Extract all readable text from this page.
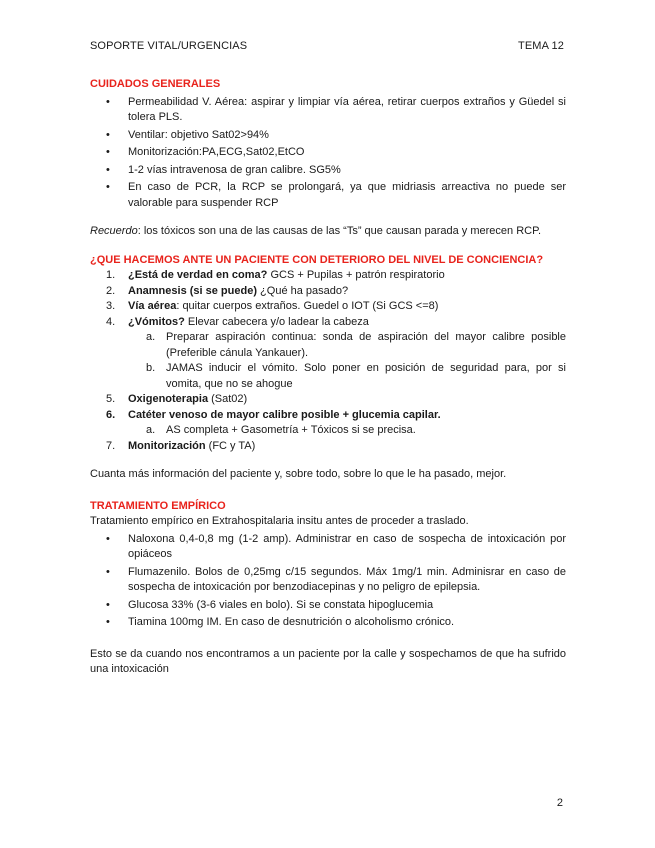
SOPORTE VITAL/URGENCIAS	TEMA 12

CUIDADOS GENERALES

• Permeabilidad V. Aérea: aspirar y limpiar vía aérea, retirar cuerpos extraños y Güedel si tolera PLS.
• Ventilar: objetivo Sat02>94%
• Monitorización:PA,ECG,Sat02,EtCO
• 1-2 vías intravenosa de gran calibre. SG5%
• En caso de PCR, la RCP se prolongará, ya que midriasis arreactiva no puede ser valorable para suspender RCP

Recuerdo: los tóxicos son una de las causas de las “Ts” que causan parada y merecen RCP.

¿QUE HACEMOS ANTE UN PACIENTE CON DETERIORO DEL NIVEL DE CONCIENCIA?

1. ¿Está de verdad en coma? GCS + Pupilas + patrón respiratorio
2. Anamnesis (si se puede) ¿Qué ha pasado?
3. Vía aérea: quitar cuerpos extraños. Guedel o IOT (Si GCS <=8)
4. ¿Vómitos? Elevar cabecera y/o ladear la cabeza
a. Preparar aspiración continua: sonda de aspiración del mayor calibre posible (Preferible cánula Yankauer).
b. JAMAS inducir el vómito. Solo poner en posición de seguridad para, por si vomita, que no se ahogue
5. Oxigenoterapia (Sat02)
6. Catéter venoso de mayor calibre posible + glucemia capilar.
a. AS completa + Gasometría + Tóxicos si se precisa.
7. Monitorización (FC y TA)

Cuanta más información del paciente y, sobre todo, sobre lo que le ha pasado, mejor.

TRATAMIENTO EMPÍRICO

Tratamiento empírico en Extrahospitalaria insitu antes de proceder a traslado.

• Naloxona 0,4-0,8 mg (1-2 amp). Administrar en caso de sospecha de intoxicación por opiáceos
• Flumazenilo. Bolos de 0,25mg c/15 segundos. Máx 1mg/1 min. Adminisrar en caso de sospecha de intoxicación por benzodiacepinas y no peligro de epilepsia.
• Glucosa 33% (3-6 viales en bolo). Si se constata hipoglucemia
• Tiamina 100mg IM. En caso de desnutrición o alcoholismo crónico.

Esto se da cuando nos encontramos a un paciente por la calle y sospechamos de que ha sufrido una intoxicación

2
